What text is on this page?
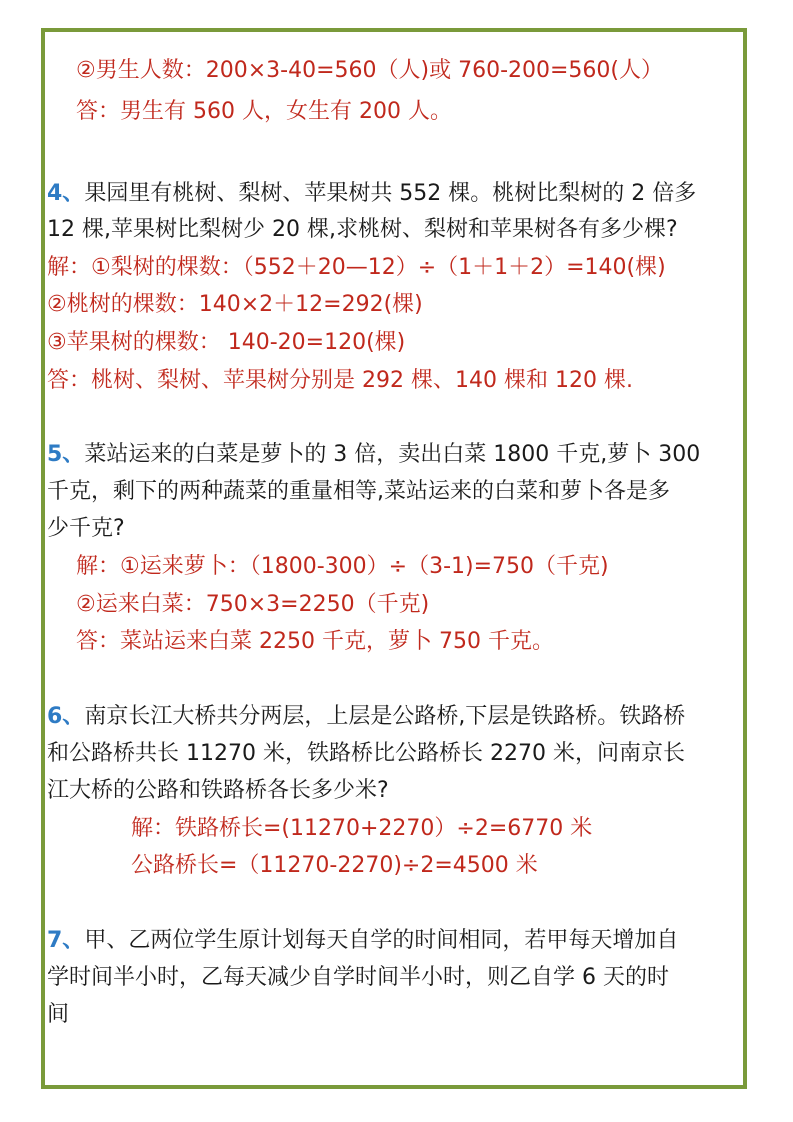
②男生人数：200×3-40=560（人)或 760-200=560(人）
答：男生有 560 人，女生有 200 人。
4、果园里有桃树、梨树、苹果树共 552 棵。桃树比梨树的 2 倍多
12 棵,苹果树比梨树少 20 棵,求桃树、梨树和苹果树各有多少棵?
解：①梨树的棵数：（552＋20—12）÷（1＋1＋2）=140(棵)
②桃树的棵数：140×2＋12=292(棵)
③苹果树的棵数： 140-20=120(棵)
答：桃树、梨树、苹果树分别是 292 棵、140 棵和 120 棵.
5、菜站运来的白菜是萝卜的 3 倍，卖出白菜 1800 千克,萝卜 300
千克，剩下的两种蔬菜的重量相等,菜站运来的白菜和萝卜各是多
少千克?
解：①运来萝卜：（1800-300）÷（3-1)=750（千克)
②运来白菜：750×3=2250（千克)
答：菜站运来白菜 2250 千克，萝卜 750 千克。
6、南京长江大桥共分两层，上层是公路桥,下层是铁路桥。铁路桥
和公路桥共长 11270 米，铁路桥比公路桥长 2270 米，问南京长
江大桥的公路和铁路桥各长多少米?
解：铁路桥长=(11270+2270）÷2=6770 米
公路桥长=（11270-2270)÷2=4500 米
7、甲、乙两位学生原计划每天自学的时间相同，若甲每天增加自
学时间半小时，乙每天减少自学时间半小时，则乙自学 6 天的时
间
